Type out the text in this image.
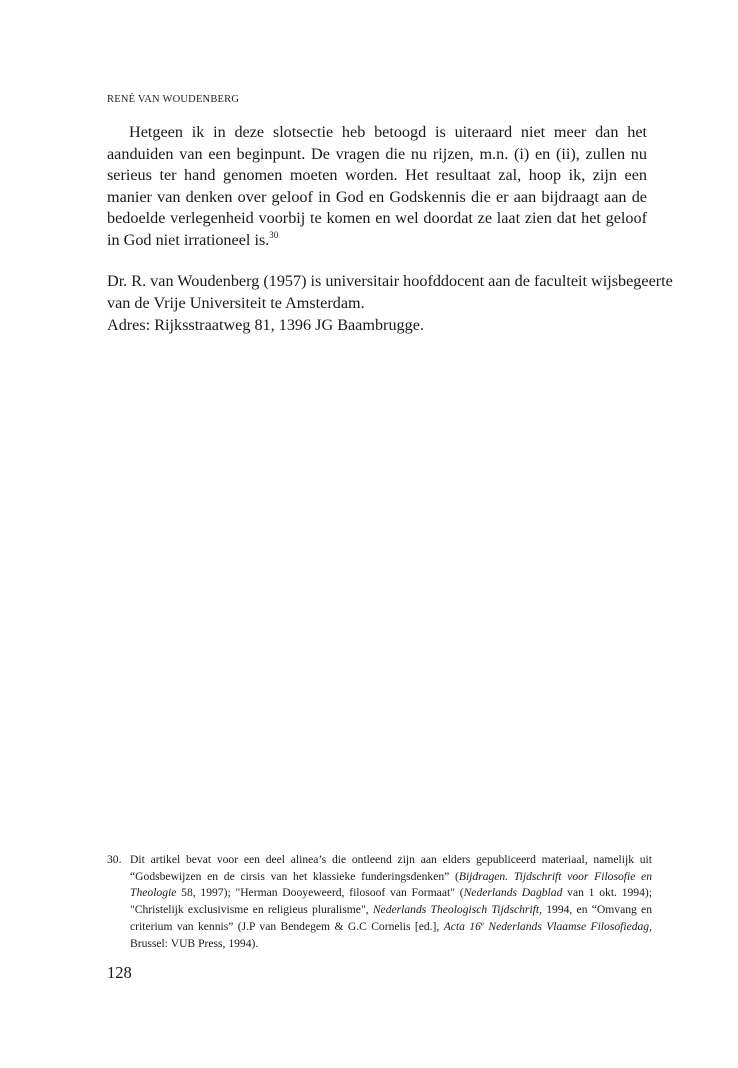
RENÉ VAN WOUDENBERG

Hetgeen ik in deze slotsectie heb betoogd is uiteraard niet meer dan het aanduiden van een beginpunt. De vragen die nu rijzen, m.n. (i) en (ii), zullen nu serieus ter hand genomen moeten worden. Het resultaat zal, hoop ik, zijn een manier van denken over geloof in God en Godskennis die er aan bijdraagt aan de bedoelde verlegenheid voorbij te komen en wel doordat ze laat zien dat het geloof in God niet irrationeel is.$^{30}$

Dr. R. van Woudenberg (1957) is universitair hoofddocent aan de faculteit wijsbegeerte
van de Vrije Universiteit te Amsterdam.
Adres: Rijksstraatweg 81, 1396 JG Baambrugge.
30. Dit artikel bevat voor een deel alinea’s die ontleend zijn aan elders gepubliceerd materiaal, namelijk uit “Godsbewijzen en de cirsis van het klassieke funderingsdenken” (Bijdragen. Tijdschrift voor Filosofie en Theologie 58, 1997); "Herman Dooyeweerd, filosoof van Formaat" (Nederlands Dagblad van 1 okt. 1994); "Christelijk exclusivisme en religieus pluralisme", Nederlands Theologisch Tijdschrift, 1994, en “Omvang en criterium van kennis” (J.P van Bendegem & G.C Cornelis [ed.], Acta 16e Nederlands Vlaamse Filosofiedag, Brussel: VUB Press, 1994).
128
